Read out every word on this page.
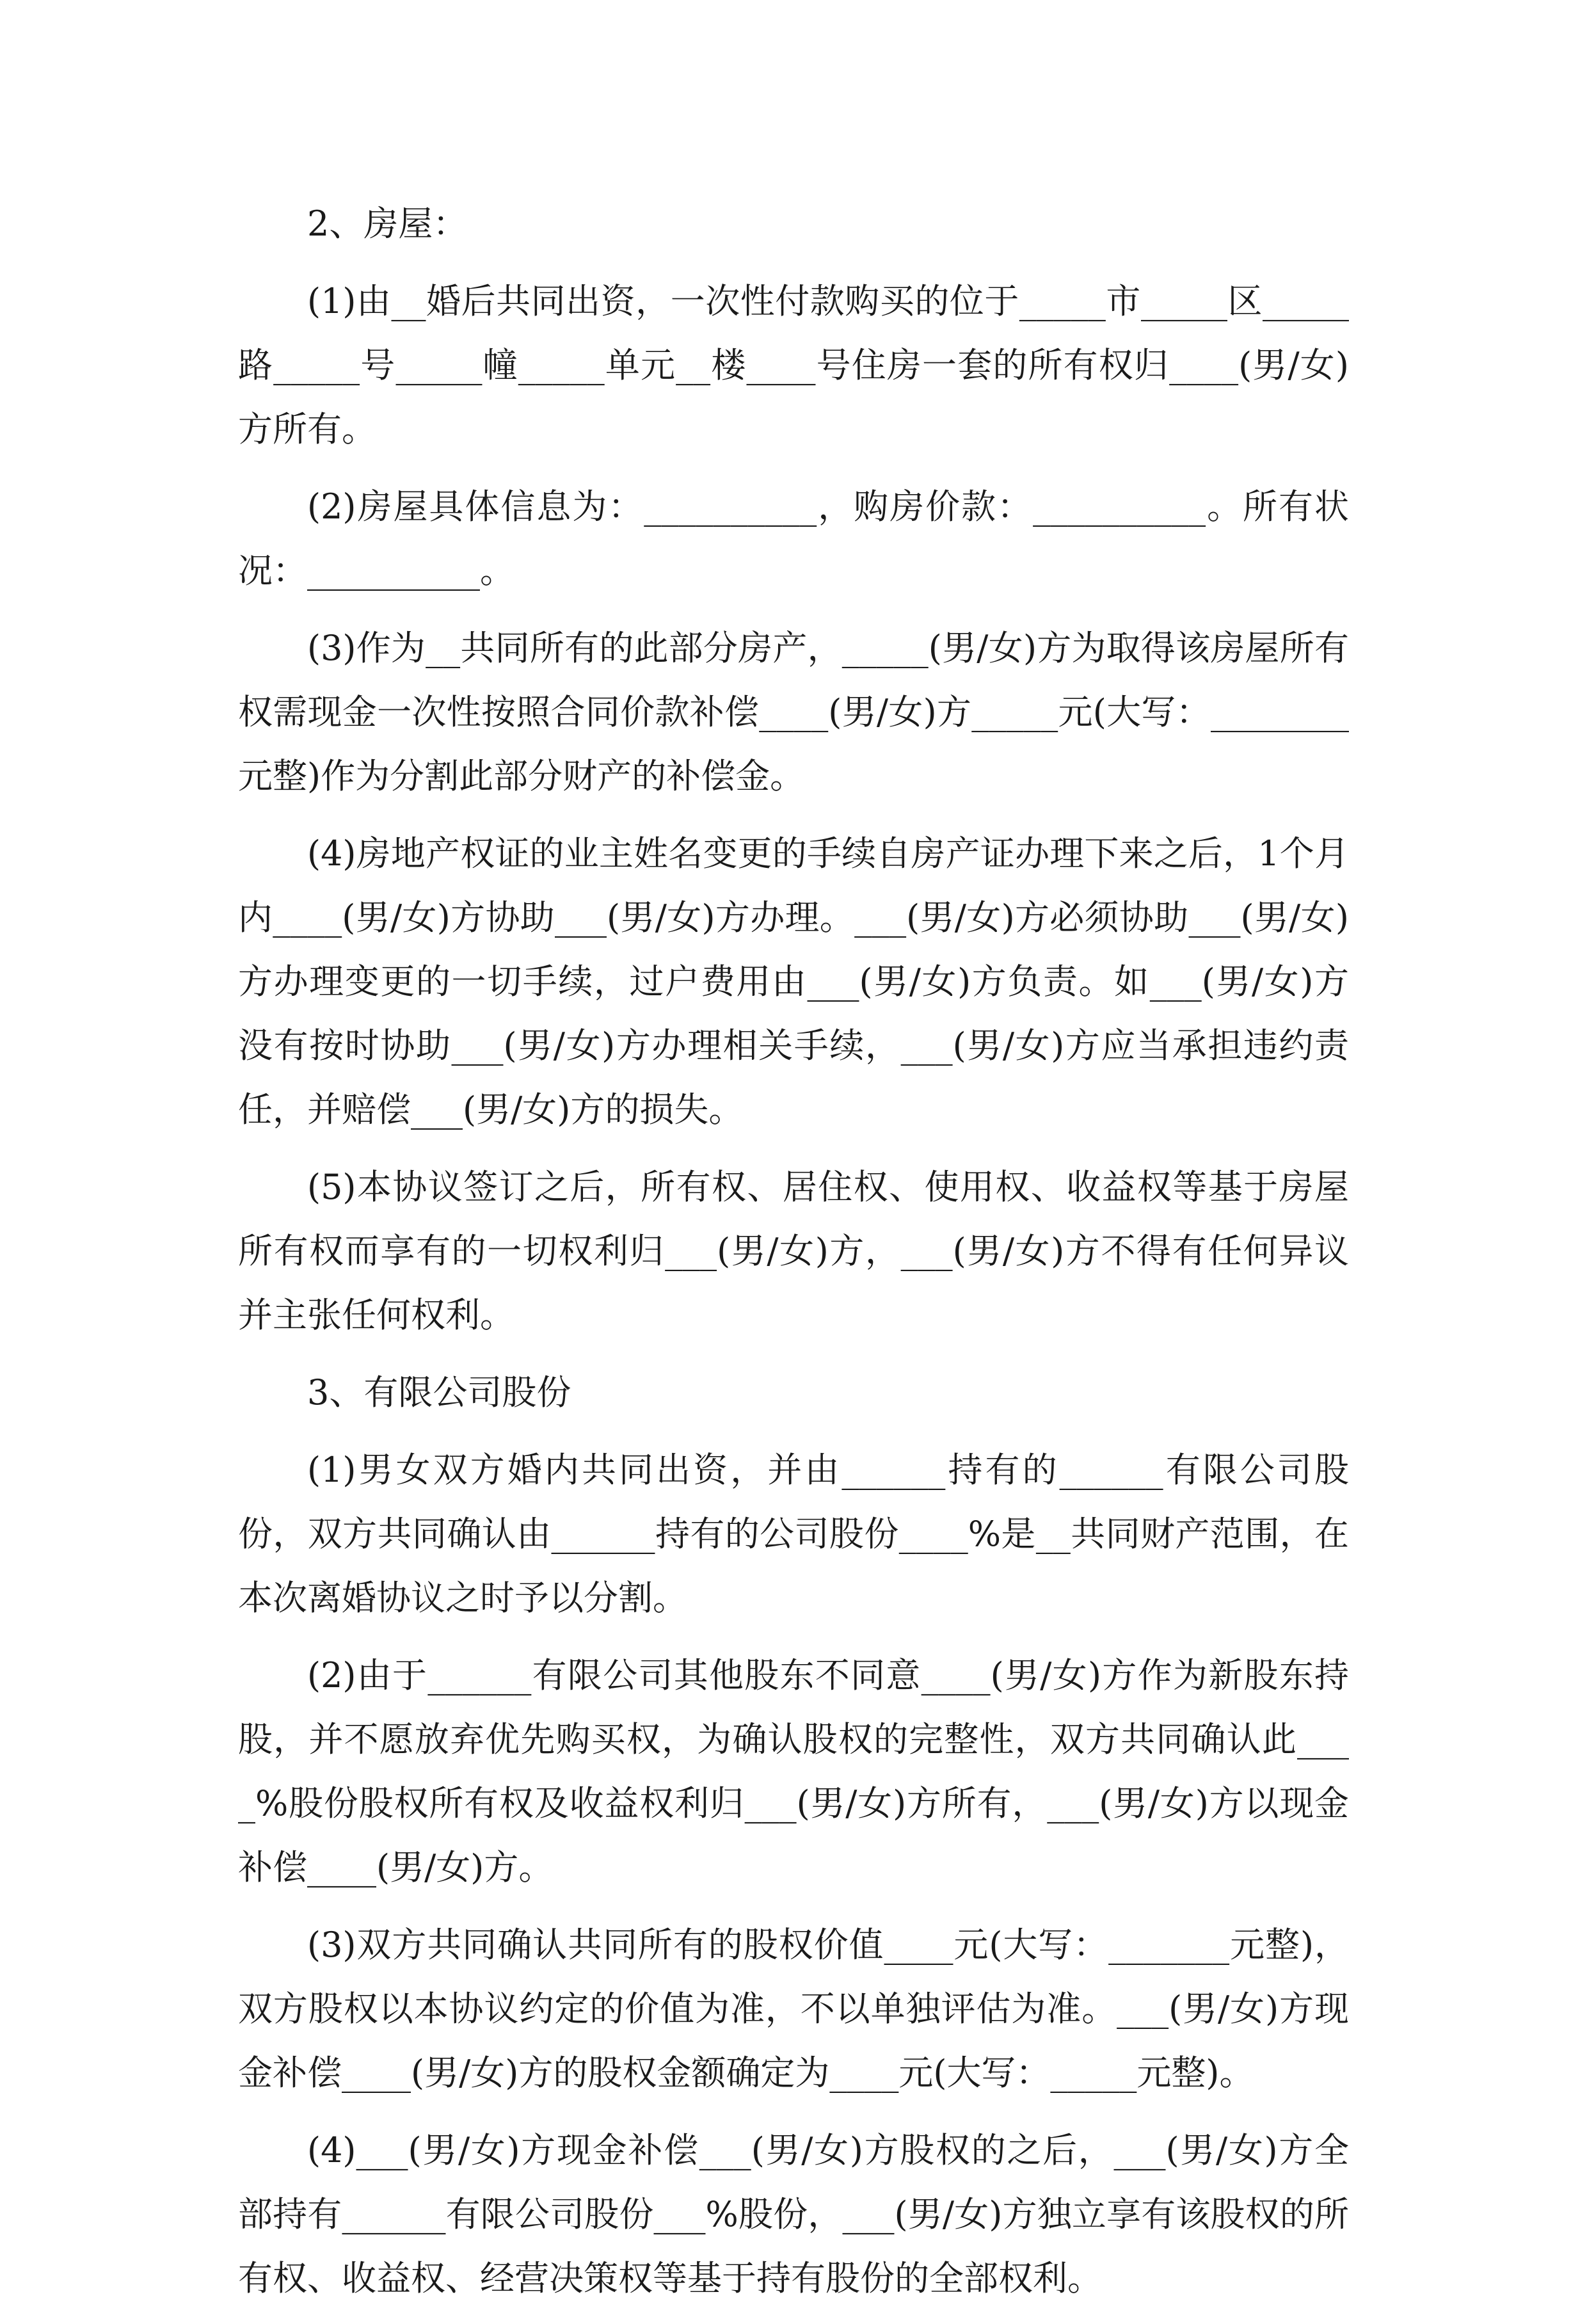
2、房屋：

(1)由__婚后共同出资，一次性付款购买的位于_____市_____区_____路_____号_____幢_____单元__楼____号住房一套的所有权归____(男/女)方所有。

(2)房屋具体信息为：__________，购房价款：__________。所有状况：__________。

(3)作为__共同所有的此部分房产，_____(男/女)方为取得该房屋所有权需现金一次性按照合同价款补偿____(男/女)方_____元(大写：________元整)作为分割此部分财产的补偿金。

(4)房地产权证的业主姓名变更的手续自房产证办理下来之后，1个月内____(男/女)方协助___(男/女)方办理。___(男/女)方必须协助___(男/女)方办理变更的一切手续，过户费用由___(男/女)方负责。如___(男/女)方没有按时协助___(男/女)方办理相关手续，___(男/女)方应当承担违约责任，并赔偿___(男/女)方的损失。

(5)本协议签订之后，所有权、居住权、使用权、收益权等基于房屋所有权而享有的一切权利归___(男/女)方，___(男/女)方不得有任何异议并主张任何权利。

3、有限公司股份

(1)男女双方婚内共同出资，并由______持有的______有限公司股份，双方共同确认由______持有的公司股份____%是__共同财产范围，在本次离婚协议之时予以分割。

(2)由于______有限公司其他股东不同意____(男/女)方作为新股东持股，并不愿放弃优先购买权，为确认股权的完整性，双方共同确认此____%股份股权所有权及收益权利归___(男/女)方所有，___(男/女)方以现金补偿____(男/女)方。

(3)双方共同确认共同所有的股权价值____元(大写：_______元整)，双方股权以本协议约定的价值为准，不以单独评估为准。___(男/女)方现金补偿____(男/女)方的股权金额确定为____元(大写：_____元整)。

(4)___(男/女)方现金补偿___(男/女)方股权的之后，___(男/女)方全部持有______有限公司股份___%股份，___(男/女)方独立享有该股权的所有权、收益权、经营决策权等基于持有股份的全部权利。
